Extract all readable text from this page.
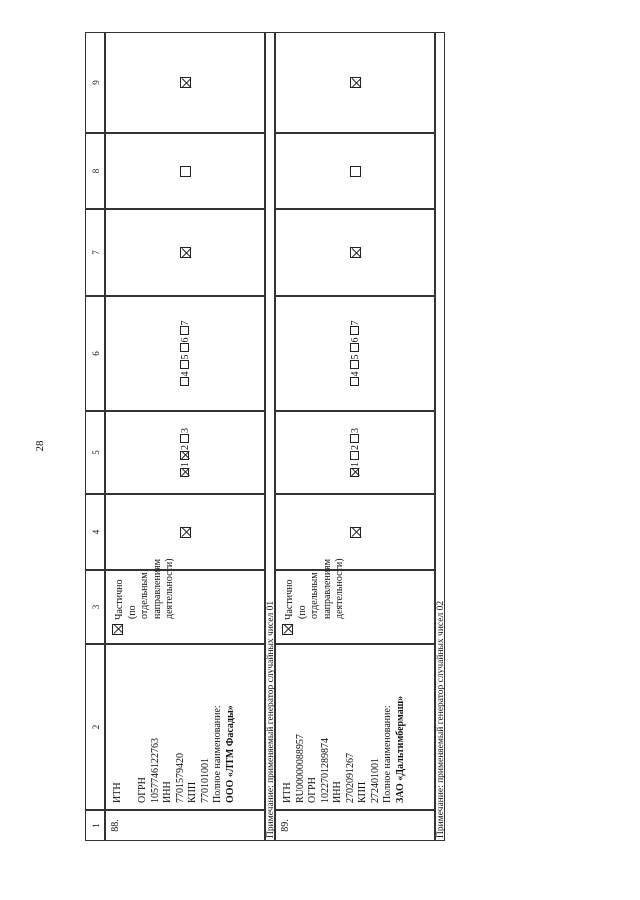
28
1
2
3
4
5
6
7
8
9
88.
ИТН ОГРН 1057746122763 ИНН 7701579420 КПП 770101001 Полное наименование: ООО «ЛТМ Фасады»
Частично (по отдельным направлениям деятельности)
1
2
3
4
5
6
7
Примечание: применяемый генератор случайных чисел 01 89.
ИТН RU00000088957 ОГРН 1022701289874 ИНН 2702091267 КПП 272401001 Полное наименование: ЗАО «Дальтимбермаш»
Частично (по отдельным направлениям деятельности)
1
2
3
4
5
6
7
Примечание: применяемый генератор случайных чисел 02
